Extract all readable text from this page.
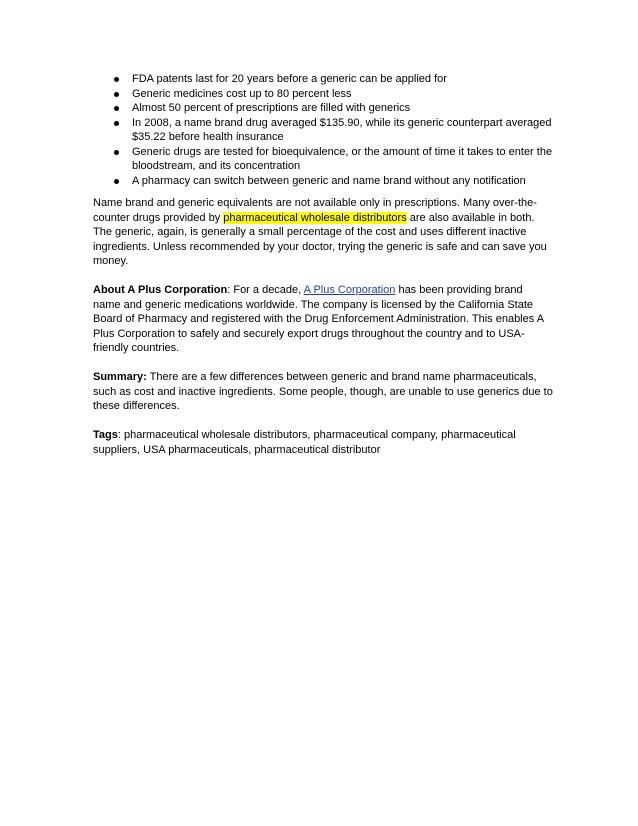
FDA patents last for 20 years before a generic can be applied for
Generic medicines cost up to 80 percent less
Almost 50 percent of prescriptions are filled with generics
In 2008, a name brand drug averaged $135.90, while its generic counterpart averaged $35.22 before health insurance
Generic drugs are tested for bioequivalence, or the amount of time it takes to enter the bloodstream, and its concentration
A pharmacy can switch between generic and name brand without any notification

Name brand and generic equivalents are not available only in prescriptions. Many over-the-counter drugs provided by pharmaceutical wholesale distributors are also available in both. The generic, again, is generally a small percentage of the cost and uses different inactive ingredients. Unless recommended by your doctor, trying the generic is safe and can save you money.

About A Plus Corporation: For a decade, A Plus Corporation has been providing brand name and generic medications worldwide. The company is licensed by the California State Board of Pharmacy and registered with the Drug Enforcement Administration. This enables A Plus Corporation to safely and securely export drugs throughout the country and to USA-friendly countries.

Summary: There are a few differences between generic and brand name pharmaceuticals, such as cost and inactive ingredients. Some people, though, are unable to use generics due to these differences.

Tags: pharmaceutical wholesale distributors, pharmaceutical company, pharmaceutical suppliers, USA pharmaceuticals, pharmaceutical distributor
